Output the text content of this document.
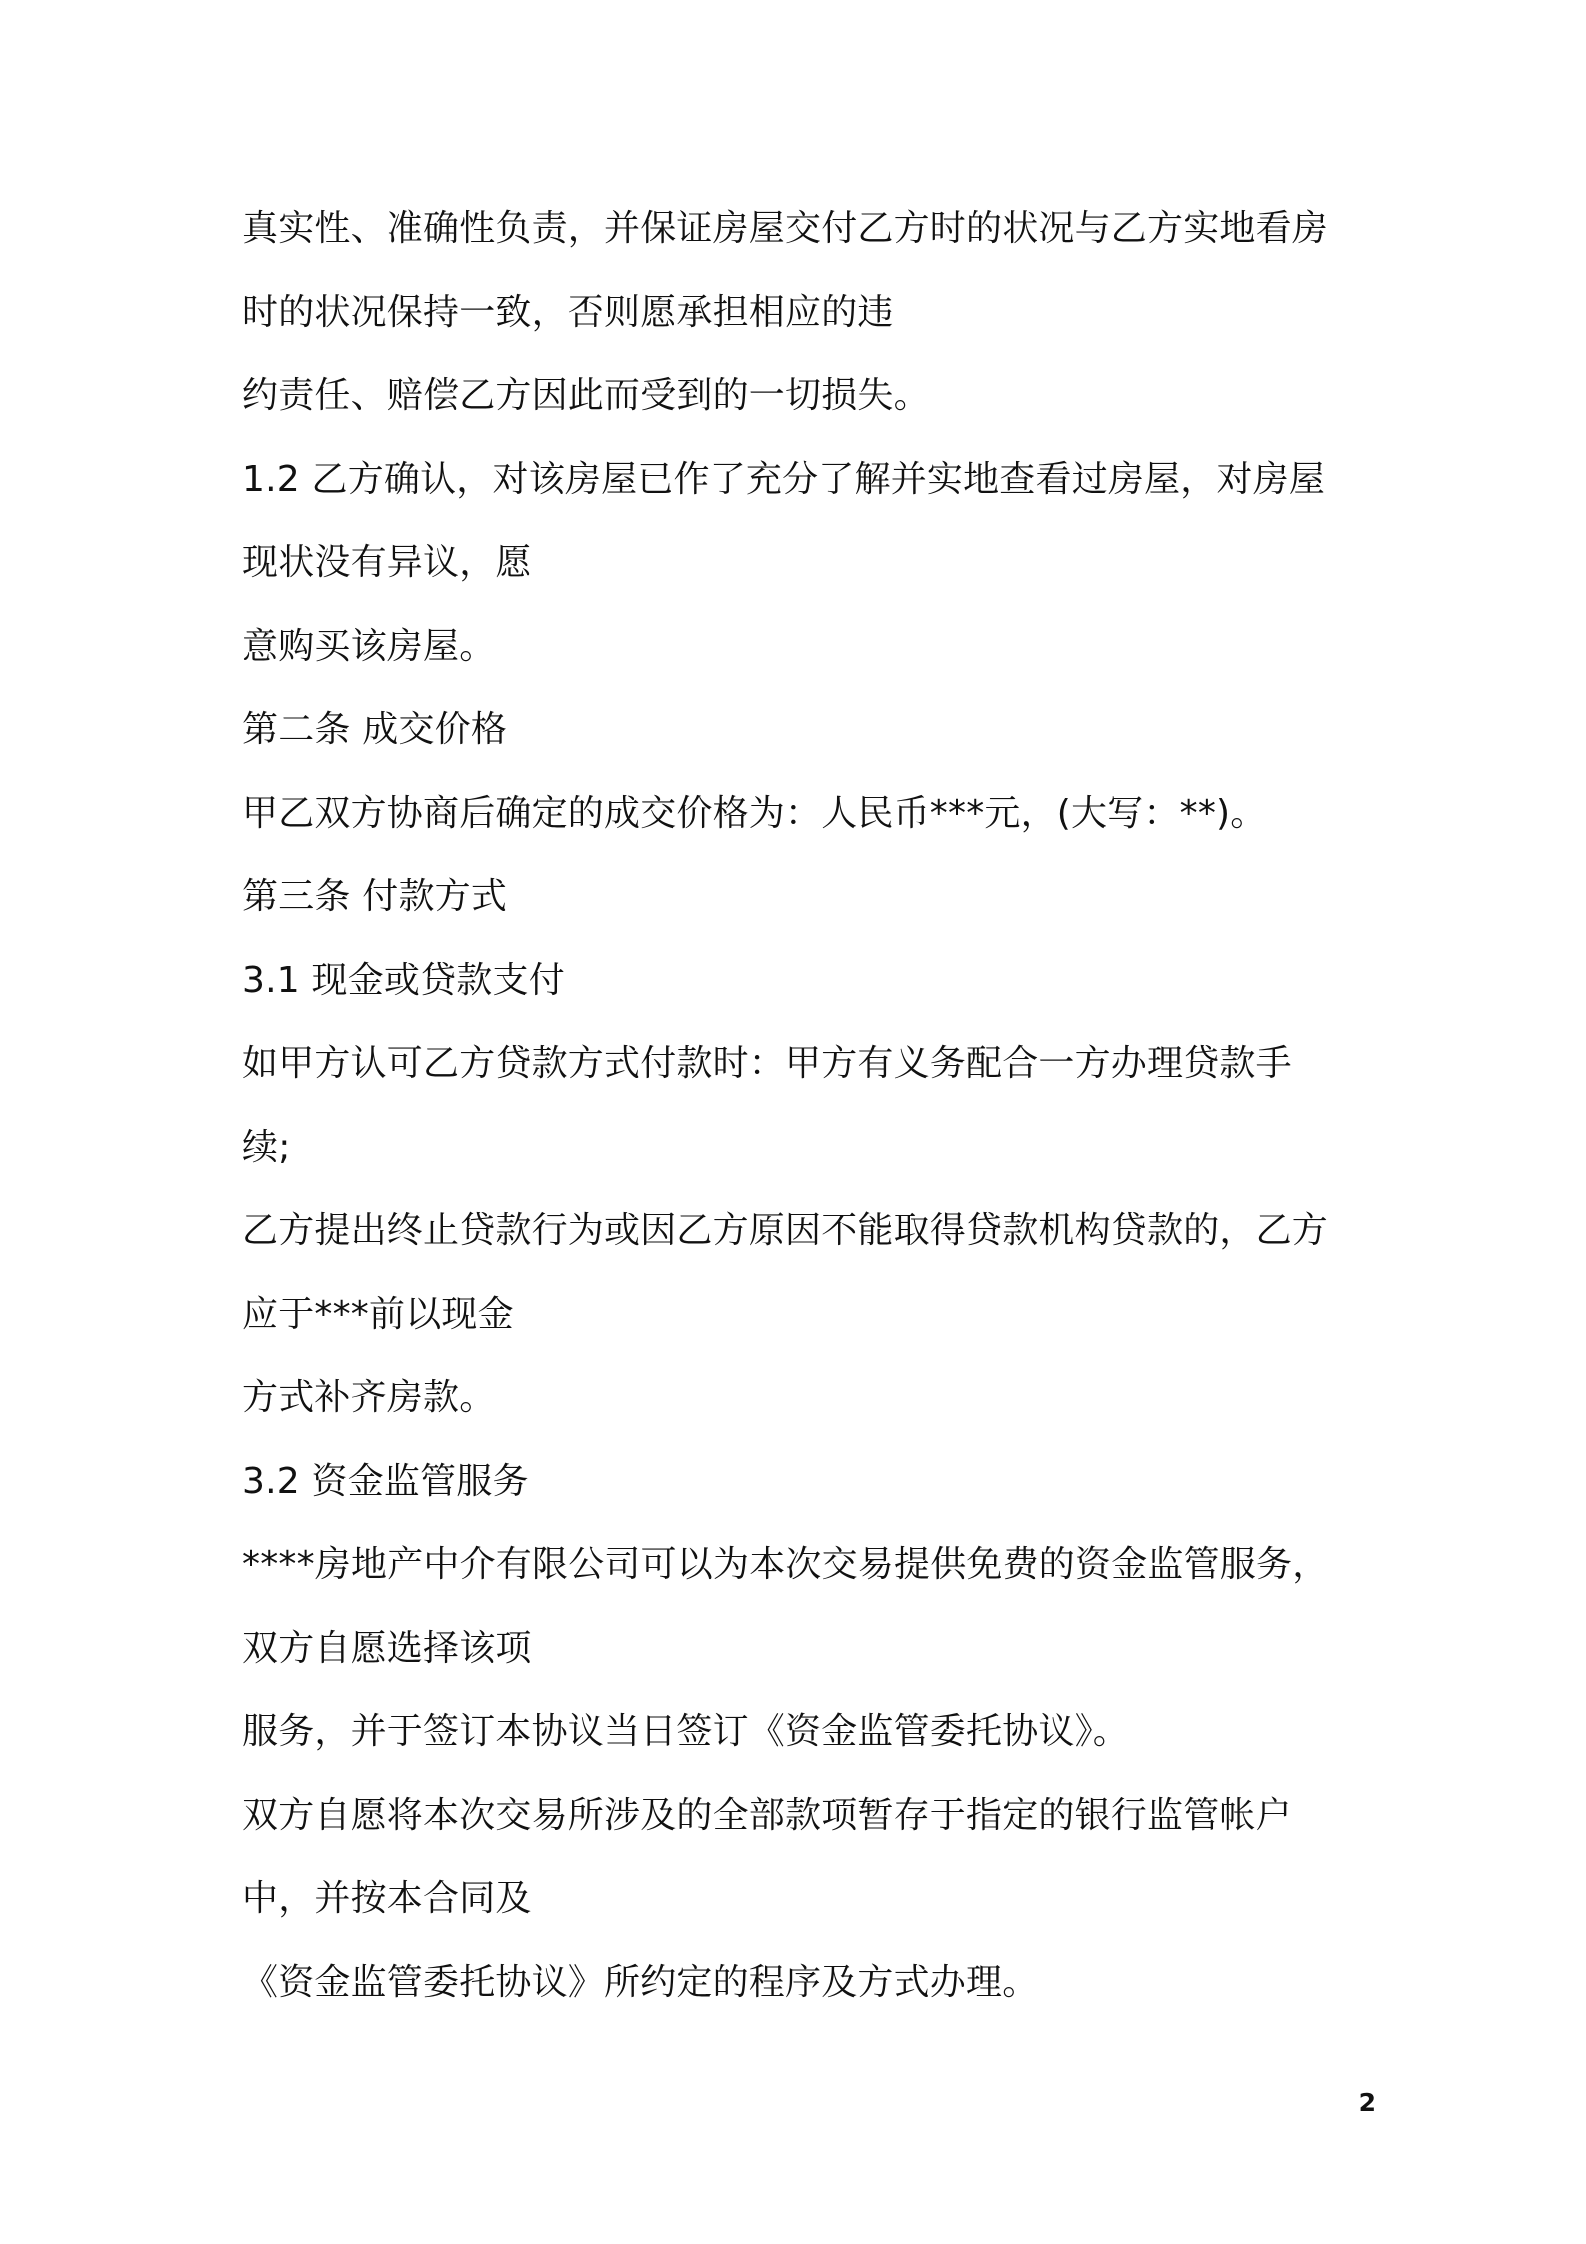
真实性、准确性负责，并保证房屋交付乙方时的状况与乙方实地看房
时的状况保持一致，否则愿承担相应的违
约责任、赔偿乙方因此而受到的一切损失。
1.2 乙方确认，对该房屋已作了充分了解并实地查看过房屋，对房屋
现状没有异议，愿
意购买该房屋。
第二条 成交价格
甲乙双方协商后确定的成交价格为：人民币***元，(大写：**)。
第三条 付款方式
3.1 现金或贷款支付
如甲方认可乙方贷款方式付款时：甲方有义务配合一方办理贷款手
续;
乙方提出终止贷款行为或因乙方原因不能取得贷款机构贷款的，乙方
应于***前以现金
方式补齐房款。
3.2 资金监管服务
****房地产中介有限公司可以为本次交易提供免费的资金监管服务，
双方自愿选择该项
服务，并于签订本协议当日签订《资金监管委托协议》。
双方自愿将本次交易所涉及的全部款项暂存于指定的银行监管帐户
中，并按本合同及
《资金监管委托协议》所约定的程序及方式办理。
2
